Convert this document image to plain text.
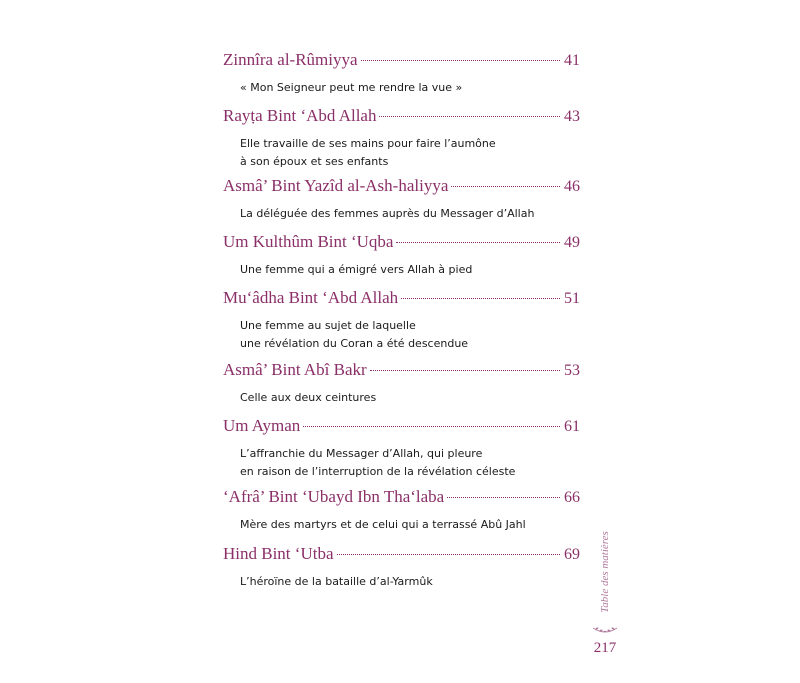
Zinnîra al-Rûmiyya	41
« Mon Seigneur peut me rendre la vue »
Rayṭa Bint ‘Abd Allah	43
Elle travaille de ses mains pour faire l’aumône
à son époux et ses enfants
Asmâ’ Bint Yazîd al-Ash-haliyya	46
La déléguée des femmes auprès du Messager d’Allah
Um Kulthûm Bint ‘Uqba	49
Une femme qui a émigré vers Allah à pied
Mu‘âdha Bint ‘Abd Allah	51
Une femme au sujet de laquelle
une révélation du Coran a été descendue
Asmâ’ Bint Abî Bakr	53
Celle aux deux ceintures
Um Ayman	61
L’affranchie du Messager d’Allah, qui pleure
en raison de l’interruption de la révélation céleste
‘Afrâ’ Bint ‘Ubayd Ibn Tha‘laba	66
Mère des martyrs et de celui qui a terrassé Abû Jahl
Hind Bint ‘Utba	69
L’héroïne de la bataille d’al-Yarmûk	Table des matières
217
